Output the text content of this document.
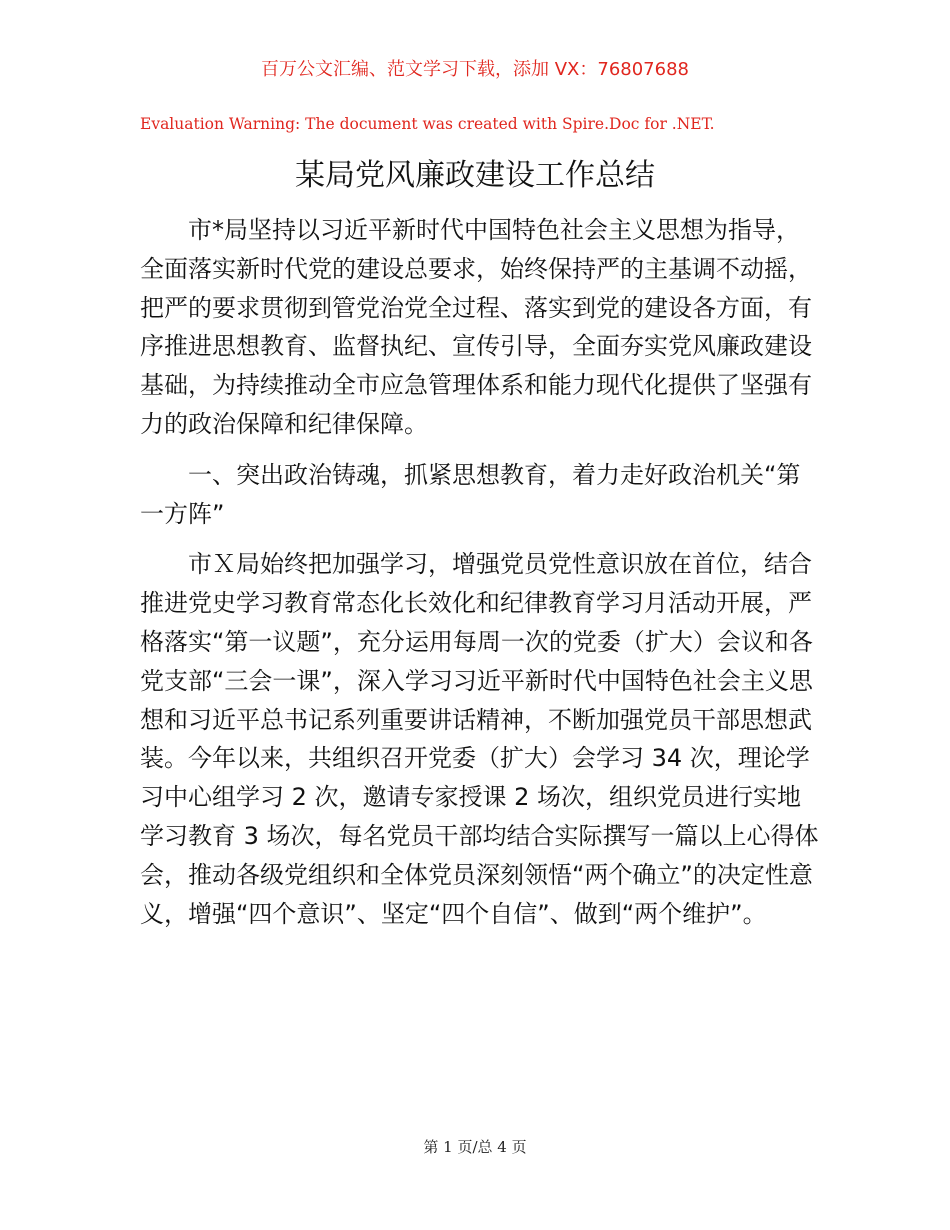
百万公文汇编、范文学习下载，添加 VX：76807688
Evaluation Warning: The document was created with Spire.Doc for .NET.
某局党风廉政建设工作总结

市*局坚持以习近平新时代中国特色社会主义思想为指导，全面落实新时代党的建设总要求，始终保持严的主基调不动摇，把严的要求贯彻到管党治党全过程、落实到党的建设各方面，有序推进思想教育、监督执纪、宣传引导，全面夯实党风廉政建设基础，为持续推动全市应急管理体系和能力现代化提供了坚强有力的政治保障和纪律保障。

一、突出政治铸魂，抓紧思想教育，着力走好政治机关“第一方阵”

市Ｘ局始终把加强学习，增强党员党性意识放在首位，结合推进党史学习教育常态化长效化和纪律教育学习月活动开展，严格落实“第一议题”，充分运用每周一次的党委（扩大）会议和各党支部“三会一课”，深入学习习近平新时代中国特色社会主义思想和习近平总书记系列重要讲话精神，不断加强党员干部思想武装。今年以来，共组织召开党委（扩大）会学习 34 次，理论学习中心组学习 2 次，邀请专家授课 2 场次，组织党员进行实地学习教育 3 场次，每名党员干部均结合实际撰写一篇以上心得体会，推动各级党组织和全体党员深刻领悟“两个确立”的决定性意义，增强“四个意识”、坚定“四个自信”、做到“两个维护”。

第 1 页/总 4 页
